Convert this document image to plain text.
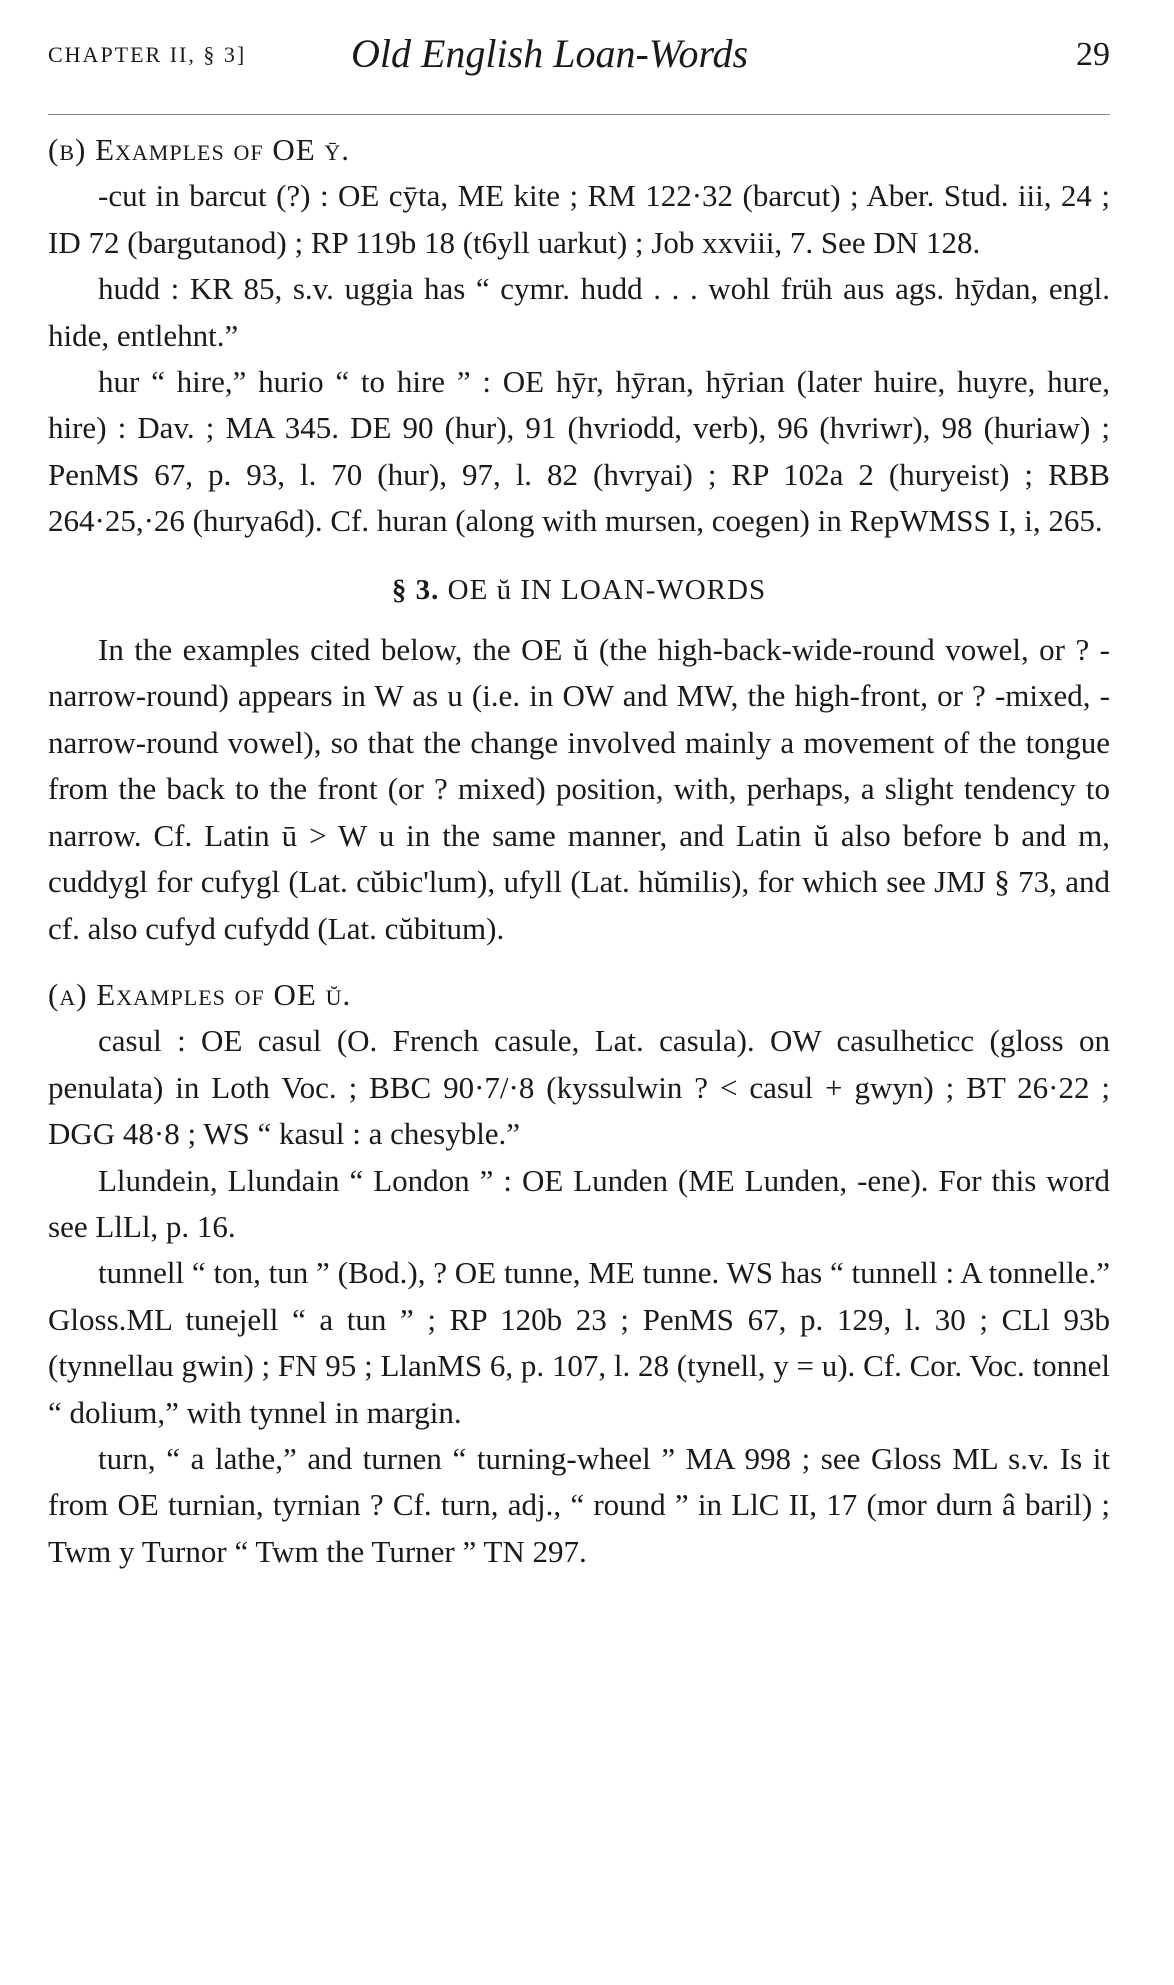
CHAPTER II, § 3]	Old English Loan-Words	29

(b) Examples of OE ȳ.

-cut in barcut (?) : OE cȳta, ME kite ; RM 122·32 (barcut) ; Aber. Stud. iii, 24 ; ID 72 (bargutanod) ; RP 119b 18 (t6yll uarkut) ; Job xxviii, 7. See DN 128.

hudd : KR 85, s.v. uggia has “ cymr. hudd . . . wohl früh aus ags. hȳdan, engl. hide, entlehnt.”

hur “ hire,” hurio “ to hire ” : OE hȳr, hȳran, hȳrian (later huire, huyre, hure, hire) : Dav. ; MA 345. DE 90 (hur), 91 (hvriodd, verb), 96 (hvriwr), 98 (huriaw) ; PenMS 67, p. 93, l. 70 (hur), 97, l. 82 (hvryai) ; RP 102a 2 (huryeist) ; RBB 264·25,·26 (hurya6d). Cf. huran (along with mursen, coegen) in RepWMSS I, i, 265.

§ 3. OE ŭ IN LOAN-WORDS

In the examples cited below, the OE ŭ (the high-back-wide-round vowel, or ? -narrow-round) appears in W as u (i.e. in OW and MW, the high-front, or ? -mixed, -narrow-round vowel), so that the change involved mainly a movement of the tongue from the back to the front (or ? mixed) position, with, perhaps, a slight tendency to narrow. Cf. Latin ū > W u in the same manner, and Latin ŭ also before b and m, cuddygl for cufygl (Lat. cŭbic'lum), ufyll (Lat. hŭmilis), for which see JMJ § 73, and cf. also cufyd cufydd (Lat. cŭbitum).

(a) Examples of OE ŭ.

casul : OE casul (O. French casule, Lat. casula). OW casulheticc (gloss on penulata) in Loth Voc. ; BBC 90·7/·8 (kyssulwin ? < casul + gwyn) ; BT 26·22 ; DGG 48·8 ; WS “ kasul : a chesyble.”

Llundein, Llundain “ London ” : OE Lunden (ME Lunden, -ene). For this word see LlLl, p. 16.

tunnell “ ton, tun ” (Bod.), ? OE tunne, ME tunne. WS has “ tunnell : A tonnelle.” Gloss.ML tunejell “ a tun ” ; RP 120b 23 ; PenMS 67, p. 129, l. 30 ; CLl 93b (tynnellau gwin) ; FN 95 ; LlanMS 6, p. 107, l. 28 (tynell, y = u). Cf. Cor. Voc. tonnel “ dolium,” with tynnel in margin.

turn, “ a lathe,” and turnen “ turning-wheel ” MA 998 ; see Gloss ML s.v. Is it from OE turnian, tyrnian ? Cf. turn, adj., “ round ” in LlC II, 17 (mor durn â baril) ; Twm y Turnor “ Twm the Turner ” TN 297.
